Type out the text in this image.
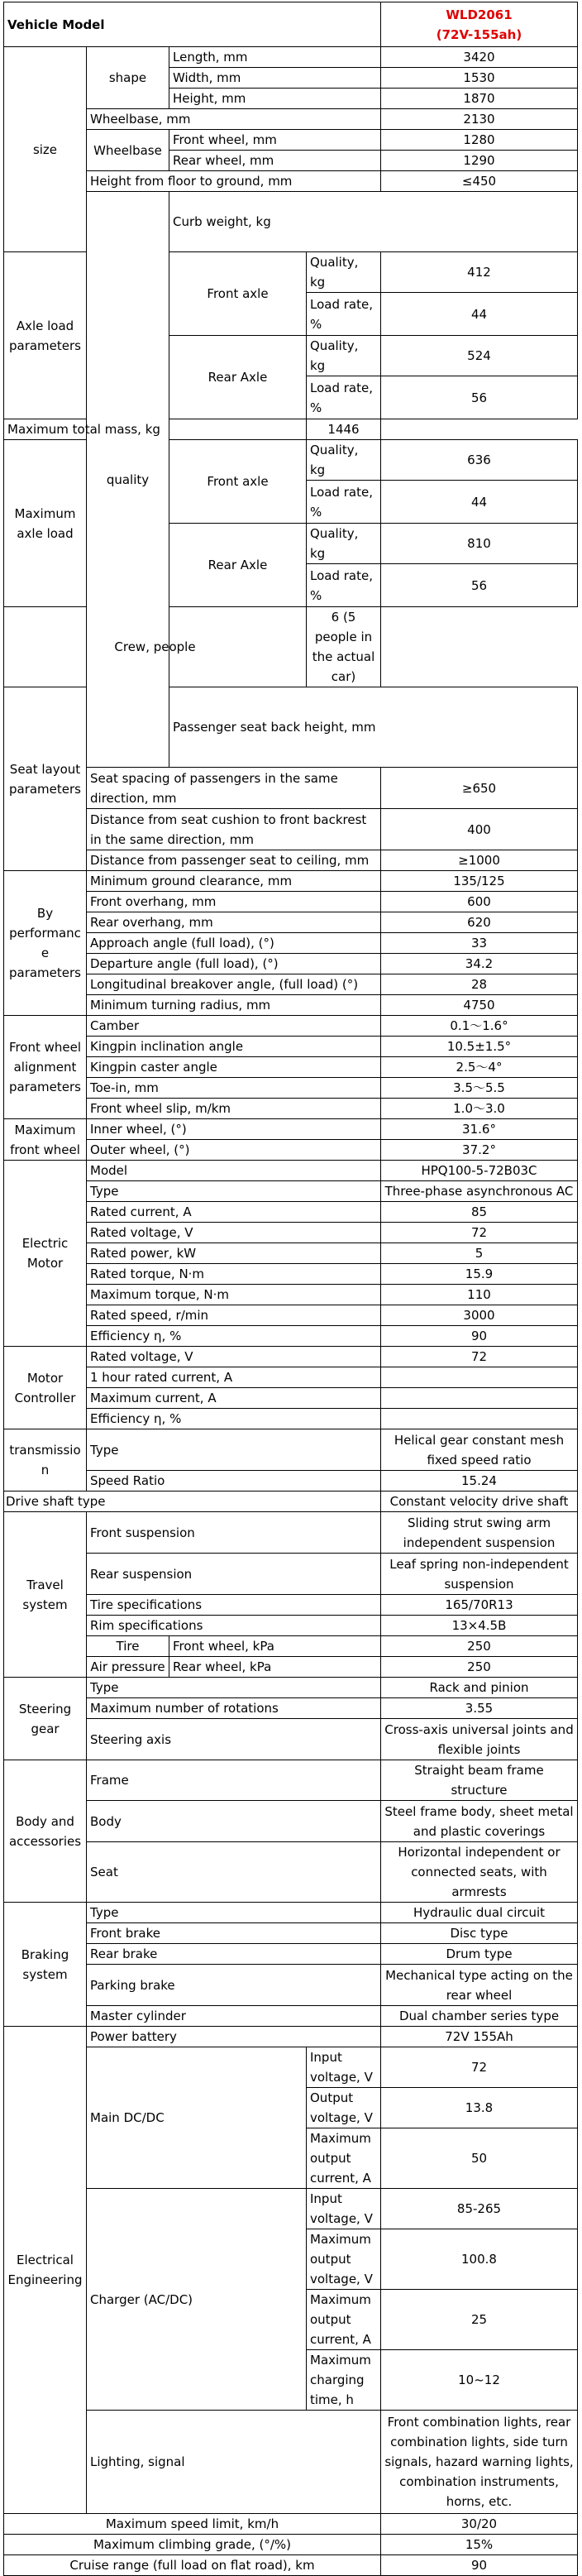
Vehicle Model				WLD2061
(72V-155ah)	
size	shape	Length, mm		3420	
		Width, mm		1530	
		Height, mm		1870	
	Wheelbase, mm			2130	
	Wheelbase	Front wheel, mm		1280	
		Rear wheel, mm		1290	
	Height from floor to ground, mm			≤450	
	quality	Curb weight, kg	
Axle load parameters		Front axle	Quality, kg	412	
			Load rate, %	44	
		Rear Axle	Quality, kg	524	
			Load rate, %	56	
Maximum total mass, kg			1446		
Maximum axle load		Front axle	Quality, kg	636	
			Load rate, %	44	
		Rear Axle	Quality, kg	810	
			Load rate, %	56	
Crew, people			6 (5 people in the actual car)		
Seat layout parameters		Passenger seat back height, mm	
	Seat spacing of passengers in the same direction, mm			≥650	
	Distance from seat cushion to front backrest in the same direction, mm			400	
	Distance from passenger seat to ceiling, mm			≥1000	
By performance parameters	Minimum ground clearance, mm			135/125	
	Front overhang, mm			600	
	Rear overhang, mm			620	
	Approach angle (full load), (°)			33	
	Departure angle (full load), (°)			34.2	
	Longitudinal breakover angle, (full load) (°)			28	
	Minimum turning radius, mm			4750	
Front wheel alignment parameters	Camber			0.1～1.6°	
	Kingpin inclination angle			10.5±1.5°	
	Kingpin caster angle			2.5～4°	
	Toe-in, mm			3.5～5.5	
	Front wheel slip, m/km			1.0～3.0	
Maximum front wheel	Inner wheel, (°)			31.6°	
	Outer wheel, (°)			37.2°	
Electric Motor	Model			HPQ100-5-72B03C	
	Type			Three-phase asynchronous AC	
	Rated current, A			85	
	Rated voltage, V			72	
	Rated power, kW			5	
	Rated torque, N·m			15.9	
	Maximum torque, N·m			110	
	Rated speed, r/min			3000	
	Efficiency η, %			90	
Motor Controller	Rated voltage, V			72	
	1 hour rated current, A				
	Maximum current, A				
	Efficiency η, %				
transmission	Type			Helical gear constant mesh fixed speed ratio	
	Speed Ratio			15.24	
Drive shaft type				Constant velocity drive shaft	
Travel system	Front suspension			Sliding strut swing arm independent suspension	
	Rear suspension			Leaf spring non-independent suspension	
	Tire specifications			165/70R13	
	Rim specifications			13×4.5B	
	Tire	Front wheel, kPa		250	
	Air pressure	Rear wheel, kPa		250	
Steering gear	Type			Rack and pinion	
	Maximum number of rotations			3.55	
	Steering axis			Cross-axis universal joints and flexible joints	
Body and accessories	Frame			Straight beam frame structure	
	Body			Steel frame body, sheet metal and plastic coverings	
	Seat			Horizontal independent or connected seats, with armrests	
Braking system	Type			Hydraulic dual circuit	
	Front brake			Disc type	
	Rear brake			Drum type	
	Parking brake			Mechanical type acting on the rear wheel	
	Master cylinder			Dual chamber series type	
Electrical Engineering	Power battery			72V 155Ah	
	Main DC/DC		Input voltage, V	72	
			Output voltage, V	13.8	
			Maximum output current, A	50	
	Charger (AC/DC)		Input voltage, V	85-265	
			Maximum output voltage, V	100.8	
			Maximum output current, A	25	
			Maximum charging time, h	10~12	
	Lighting, signal			Front combination lights, rear combination lights, side turn signals, hazard warning lights, combination instruments, horns, etc.	
Maximum speed limit, km/h				30/20	
Maximum climbing grade, (°/%)				15%	
Cruise range (full load on flat road), km				90	
